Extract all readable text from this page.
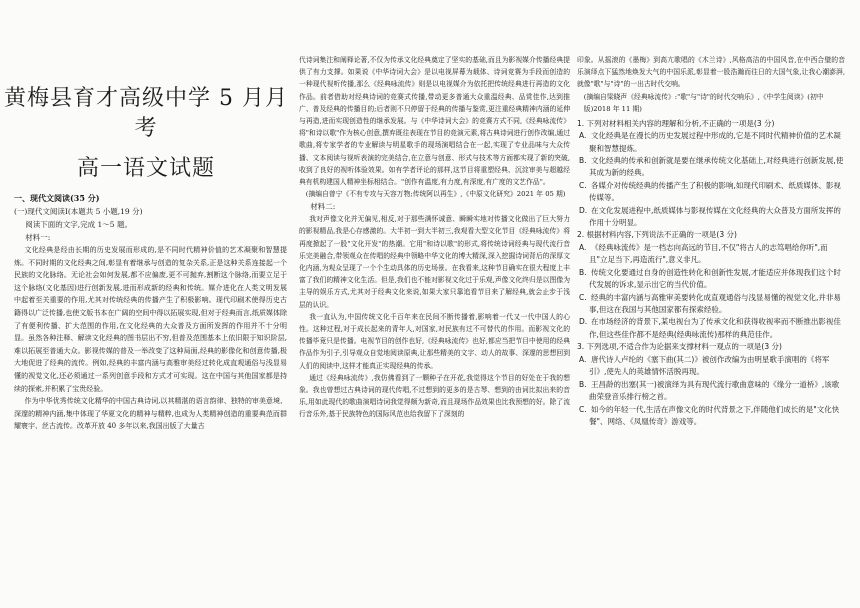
黄梅县育才高级中学 5 月月考
高一语文试题
一、现代文阅读(35 分)
(一)现代文阅读Ⅰ(本题共 5 小题,19 分)
阅读下面的文字,完成 1～5 题。
材料一:

文化经典是经由长期的历史发展而形成的,是不同时代精神价值的艺术凝聚和智慧提炼。不同时期的文化经典之间,彰显有着继承与创造的复杂关系,正是这种关系连接起一个民族的文化脉络。无论社会如何发展,都不应偏废,更不可抛弃,割断这个脉络,而要立足于这个脉络(文化基因)进行创新发展,进而形成新的经典和传统。媒介进化在人类文明发展中起着至关重要的作用,尤其对传统经典的传播产生了积极影响。现代印刷术使得历史古籍得以广泛传播,也使文版书本在广阔的空间中得以拓展实现,但对于经典而言,纸质媒体除了有便利传播、扩大范围的作用,在文化经典的大众普及方面所发挥的作用并不十分明显。虽然各种注释、解读文化经典的图书层出不穷,但普及范围基本上依旧限于知识阶层,难以拓展至普通大众。影视传媒的普及一举改变了这种局面,经典的影像化和创意传播,极大地促进了经典的流传。例如,经典的丰富内涵与高雅审美经过转化成直观通俗与浅显易懂的视觉文化,还必须通过一系列创意手段和方式才可实现。这在中国与其他国家都是持续的探索,并积累了宝贵经验。

作为中华优秀传统文化精华的中国古典诗词,以其精湛的语言韵律、独特的审美意境、深邃的精神内涵,集中体现了华夏文化的精神与精粹,也成为人类精神创造的重要典范而群耀寰宇、丝古流传。改革开放 40 多年以来,我国出版了大量古

代诗词集注和阐释论著,不仅为传承文化经典奠定了坚实的基础,而且为影视媒介传播经典提供了有力支撑。如果说《中华诗词大会》是以电视屏幕为载体、诗词竞赛为手段而创造的一种现代视听传播,那么《经典咏流传》则是以电视媒介为依托把传统经典进行再造的文化作品。前者借助对经典诗词的竞赛式传播,带动更多普通大众重温经典、品赏佳作,达到推广、普及经典的传播目的;后者则不只停留于经典的传播与鉴赏,更注重经典精神内涵的延伸与再造,进而实现创造性的继承发展。与《中华诗词大会》的竞赛方式不同,《经典咏流传》将"和诗以歌"作为核心创意,撰弃既往表现在节目的竞演元素,将古典诗词进行创作改编,通过歌曲,将专家学者的专业解读与明星歌手的现场演唱结合在一起,实现了专业品味与大众传播、文本阅读与视听表演的完美结合,在立意与创意、形式与技术等方面都实现了新的突破,收到了良好的视听体验效果。如有学者评论的那样,这节目将重塑经典、沉淀审美与超越经典有机构建国人精神坐标相结合。"创作有温度,有力度,有深度,有广度的文艺作品"。

(摘编自曾宁《不有专攻与天容万物;传统阿以再生》,《中原文化研究》2021 年 05 期)
材料二:

我对声像文化并无偏见,相反,对于那些满怀诚意、瞬瞬实地对传播文化做出了巨大努力的影视精品,我是心存感激的。大半初一到大半初三,我观看大型文化节目《经典咏流传》将再度掀起了一股"文化开发"的热潮。它用"和诗以歌"的形式,将传统诗词经典与现代流行音乐完美融合,带领观众在传唱的经典中领略中华文化的博大精深,深入挖掘诗词背后的深厚文化内涵,为观众呈现了一个个生动具体的历史场景。在我看来,这种节目确实在很大程度上丰富了我们的精神文化生活。但是,我们也不能对影视文化过于乐观,声像文化终归是以图像为主导的娱乐方式,尤其对于经典文化来说,如果大家只靠追看节目来了解经典,就会止步于浅层的认识。

我一直认为,中国传统文化千百年来在民间不断传播着,影响着一代又一代中国人的心性。这种过程,对于成长起来的青年人,对国家,对民族有过不可替代的作用。而影视文化的传播毕竟只是传播。电视节目的创作也好,《经典咏流传》也好,都应当把节目中使用的经典作品作为引子,引导观众自觉地阅读原典,让那些精美的文字、动人的故事、深邃的思想回到人们的阅读中,这样才能真正实现经典的传承。

通过《经典咏流传》,我仿佛看到了一颗种子在开花,我觉得这个节目的好处在于我的想象。我也曾想过古典诗词的现代传唱,不过想到的更多的是古琴、想到的由词比拟出来的音乐,用如此现代的歌曲演唱诗词我觉得颇为新奇,而且现场作品效果也比我预想的好。除了流行音乐外,基于民族特色的国际风范也给我留下了深刻的

印象。从摇滚的《墨梅》到高亢歌唱的《木兰诗》,风格高洁的中国风音,在中西合璧的音乐演绎点下猛然地焕发大气的中国乐派,彰显着一股浩瀚而往日的大国气象,让我心潮澎湃,就像"歌"与"诗"的一出古时代交响。

(摘编自梁晓声《经典咏流传》:"歌"与"诗"的时代交响乐》,《中学生阅读》(初中版)2018 年 11 期)
1. 下列对材料相关内容的理解和分析,不正确的一项是(3 分)
A. 文化经典是在漫长的历史发展过程中形成的,它是不同时代精神价值的艺术凝聚和智慧提炼。
B. 文化经典的传承和创新就是要在继承传统文化基础上,对经典进行创新发展,使其成为新的经典。
C. 各媒介对传统经典的传播产生了积极的影响,如现代印刷术、纸质媒体、影视传媒等。
D. 在文化发展进程中,纸质媒体与影视传媒在文化经典的大众普及方面所发挥的作用十分明显。
2. 根据材料内容,下列说法不正确的一项是(3 分)
A. 《经典咏流传》是一档志向高远的节目,不仅"将古人的志笃唱给你听",而且"立足当下,再造流行",意义非凡。
B. 传统文化要通过自身的创造性转化和创新性发展,才能适应并体现我们这个时代发展的诉求,显示出它的当代价值。
C. 经典的丰富内涵与高雅审美要转化成直观通俗与浅显易懂的视觉文化,并非易事,但这在我国与其他国家都有探索经验。
D. 在市场经济的背景下,某电视台为了传承文化和获得收视率而不断推出影视佳作,但这些佳作都不是经典(经典咏流传)那样的典范佳作。
3. 下列选项,不适合作为论据来支撑材料一观点的一项是(3 分)
A. 唐代诗人卢纶的《塞下曲(其二)》被创作改编为由明星歌手演唱的《将军引》,使先人的英雄情怀活脱再现。
B. 王昌龄的出塞(其一)被演绎为具有现代流行歌曲意味的《缘分一道桥》,该歌曲荣登音乐排行榜之首。
C. 如今的年轻一代,生活在声像文化的时代背景之下,伴随他们成长的是"文化快餐"、网络、《凤凰传奇》游戏等。
